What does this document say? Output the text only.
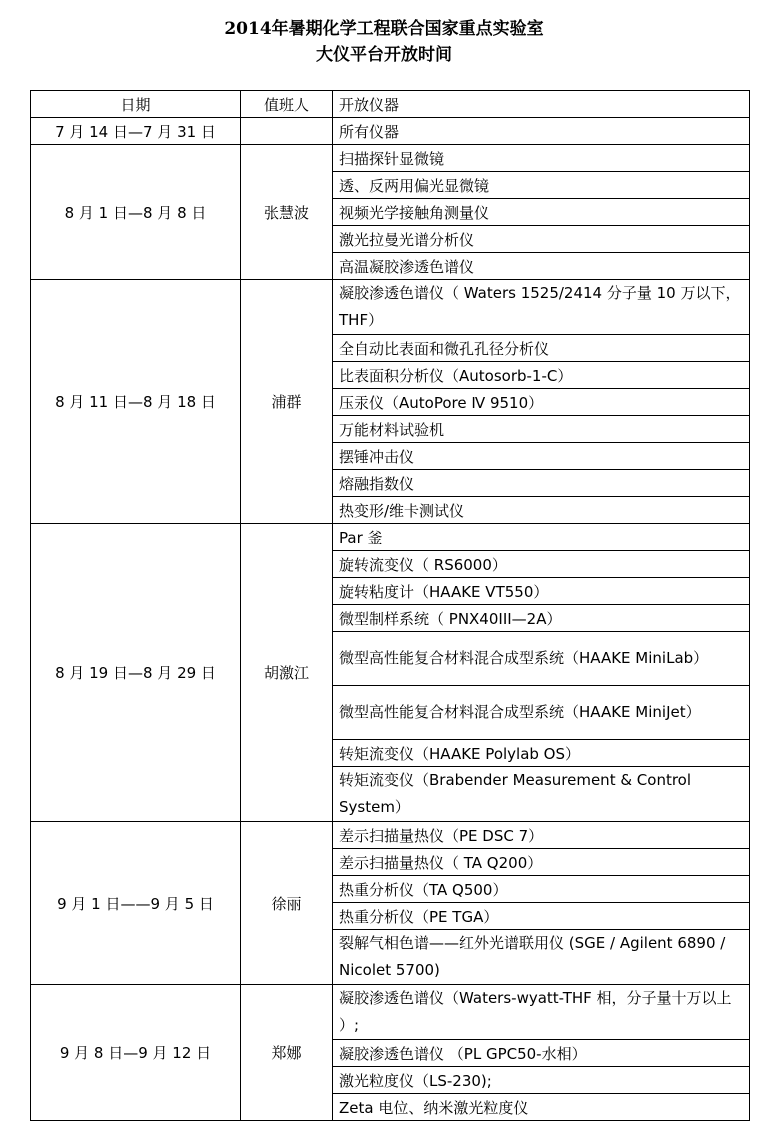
2014年暑期化学工程联合国家重点实验室
大仪平台开放时间
日期	值班人	开放仪器
7 月 14 日—7 月 31 日		所有仪器
8 月 1 日—8 月 8 日	张慧波	扫描探针显微镜
		透、反两用偏光显微镜
		视频光学接触角测量仪
		激光拉曼光谱分析仪
		高温凝胶渗透色谱仪
8 月 11 日—8 月 18 日	浦群	凝胶渗透色谱仪（ Waters 1525/2414 分子量 10 万以下，THF）
		全自动比表面和微孔孔径分析仪
		比表面积分析仪（Autosorb-1-C）
		压汞仪（AutoPore Ⅳ 9510）
		万能材料试验机
		摆锤冲击仪
		熔融指数仪
		热变形/维卡测试仪
8 月 19 日—8 月 29 日	胡激江	Par 釜
		旋转流变仪（ RS6000）
		旋转粘度计（HAAKE VT550）
		微型制样系统（ PNX40III—2A）
		微型高性能复合材料混合成型系统（HAAKE MiniLab）
		微型高性能复合材料混合成型系统（HAAKE MiniJet）
		转矩流变仪（HAAKE Polylab OS）
		转矩流变仪（Brabender Measurement & Control System）
9 月 1 日——9 月 5 日	徐丽	差示扫描量热仪（PE DSC 7）
		差示扫描量热仪（ TA Q200）
		热重分析仪（TA Q500）
		热重分析仪（PE TGA）
		裂解气相色谱——红外光谱联用仪 (SGE / Agilent 6890 / Nicolet 5700)
9 月 8 日—9 月 12 日	郑娜	凝胶渗透色谱仪（Waters-wyatt-THF 相，分子量十万以上 ）;
		凝胶渗透色谱仪 （PL GPC50-水相）
		激光粒度仪（LS-230);
		Zeta 电位、纳米激光粒度仪
